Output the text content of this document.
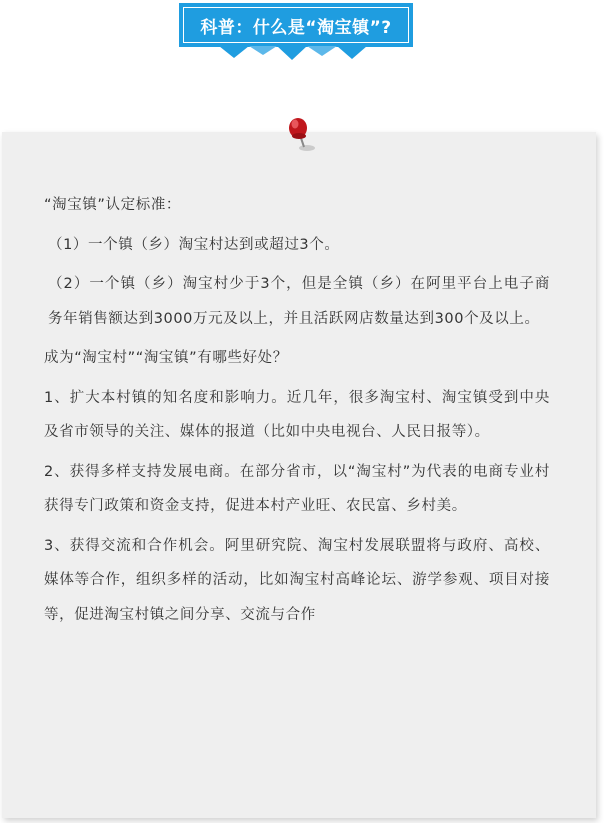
科普：什么是“淘宝镇”?

“淘宝镇”认定标准：

（1）一个镇（乡）淘宝村达到或超过3个。

（2）一个镇（乡）淘宝村少于3个，但是全镇（乡）在阿里平台上电子商务年销售额达到3000万元及以上，并且活跃网店数量达到300个及以上。

成为“淘宝村”“淘宝镇”有哪些好处？

1、扩大本村镇的知名度和影响力。近几年，很多淘宝村、淘宝镇受到中央及省市领导的关注、媒体的报道（比如中央电视台、人民日报等）。

2、获得多样支持发展电商。在部分省市，以“淘宝村”为代表的电商专业村获得专门政策和资金支持，促进本村产业旺、农民富、乡村美。

3、获得交流和合作机会。阿里研究院、淘宝村发展联盟将与政府、高校、媒体等合作，组织多样的活动，比如淘宝村高峰论坛、游学参观、项目对接等，促进淘宝村镇之间分享、交流与合作
